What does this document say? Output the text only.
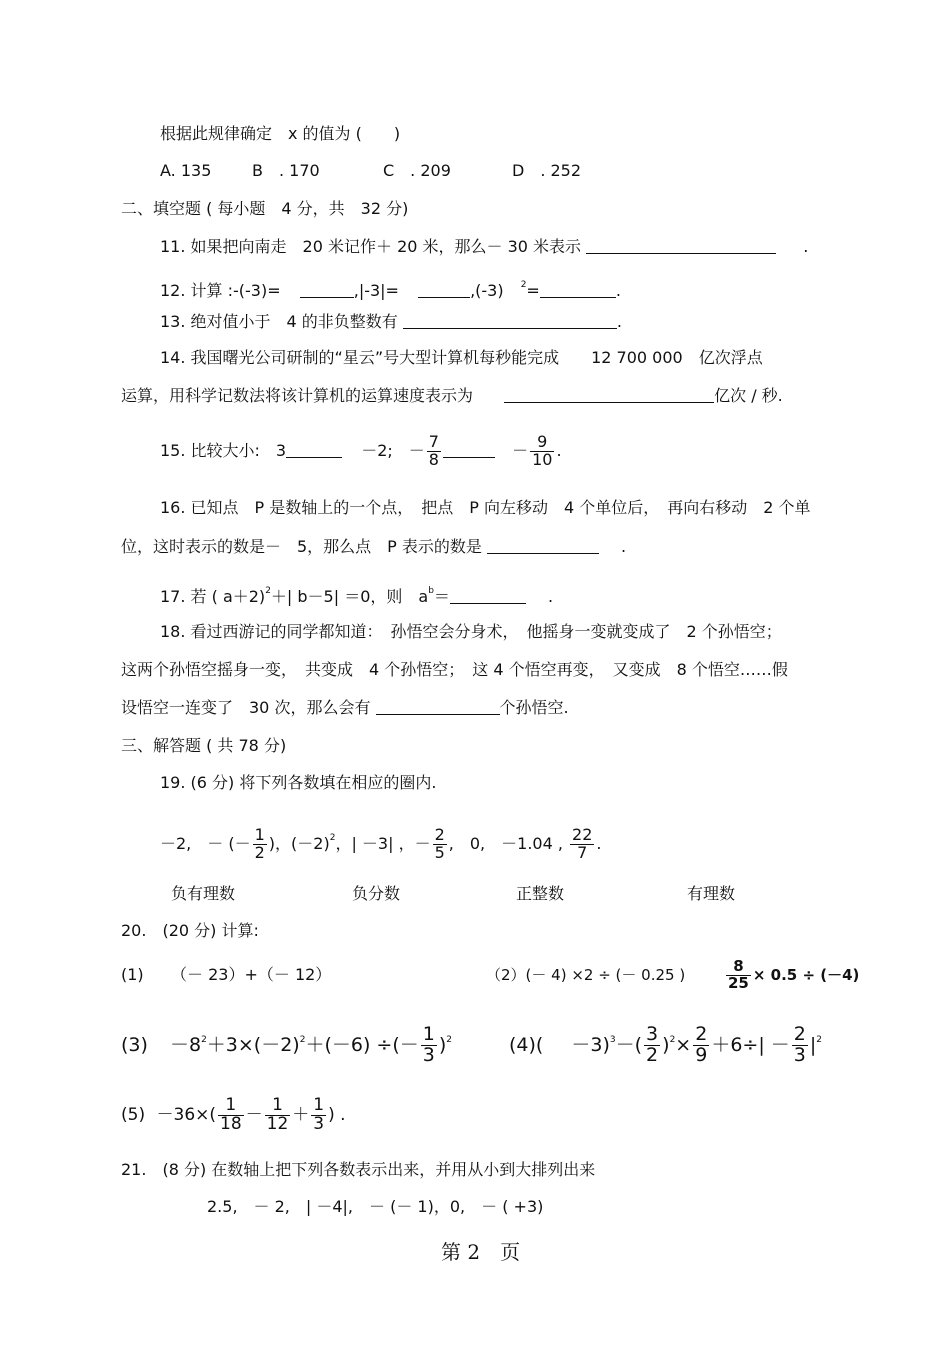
根据此规律确定　x 的值为 (　　)
A. 135	B　. 170	C　. 209	D　. 252
二、填空题 ( 每小题　4 分，共　32 分)
11. 如果把向南走　20 米记作＋ 20 米，那么－ 30 米表示	.
12. 计算 :-(-3)=	,|-3|=	,(-3) $^2$=	.
13. 绝对值小于　4 的非负整数有	.
14. 我国曙光公司研制的“星云”号大型计算机每秒能完成　　12 700 000　亿次浮点
运算，用科学记数法将该计算机的运算速度表示为	亿次 / 秒.
15. 比较大小:　3	－2;　－ $\frac{7}{8}$	－ $\frac{9}{10}$ .
16. 已知点　P 是数轴上的一个点，　把点　P 向左移动　4 个单位后，　再向右移动　2 个单
位，这时表示的数是－　5，那么点　P 表示的数是	.
17. 若 ( a＋2)$^2$＋| b－5| ＝0，则　$a^b=$	.
18. 看过西游记的同学都知道：　孙悟空会分身术，　他摇身一变就变成了　2 个孙悟空；
这两个孙悟空摇身一变，　共变成　4 个孙悟空；　这 4 个悟空再变，　又变成　8 个悟空……假
设悟空一连变了　30 次，那么会有	个孙悟空.
三、解答题 ( 共 78 分)
19. (6 分) 将下列各数填在相应的圈内.
－2,　－ (－ $\frac{1}{2}$ )，$(-2)^2$，| －3| ，－ $\frac{2}{5}$ ,　0,　－1.04 , $\frac{22}{7}$ .
负有理数	负分数	正整数	有理数
20.　(20 分) 计算:
(1) （－ 23）+（－ 12）	（2）(－ 4) ×2 ÷ (－ 0.25 )	$\frac{8}{25} \times 0.5 \div (-4)$
$(3) -8^2+3\times(-2)^2+(-6)$ ÷(－ $\frac{1}{3} )^2$	$(4)( -3)^3-( \frac{3}{2} )^2\times \frac{2}{9} +6\div| - \frac{2}{3} |^2$
$(5) -36\times( \frac{1}{18} - \frac{1}{12} + \frac{1}{3}$ ) .
21.　(8 分) 在数轴上把下列各数表示出来，并用从小到大排列出来
2.5,　－ 2,　| －4|,　－ (－ 1)，0,　－ ( +3)
第 2　页
